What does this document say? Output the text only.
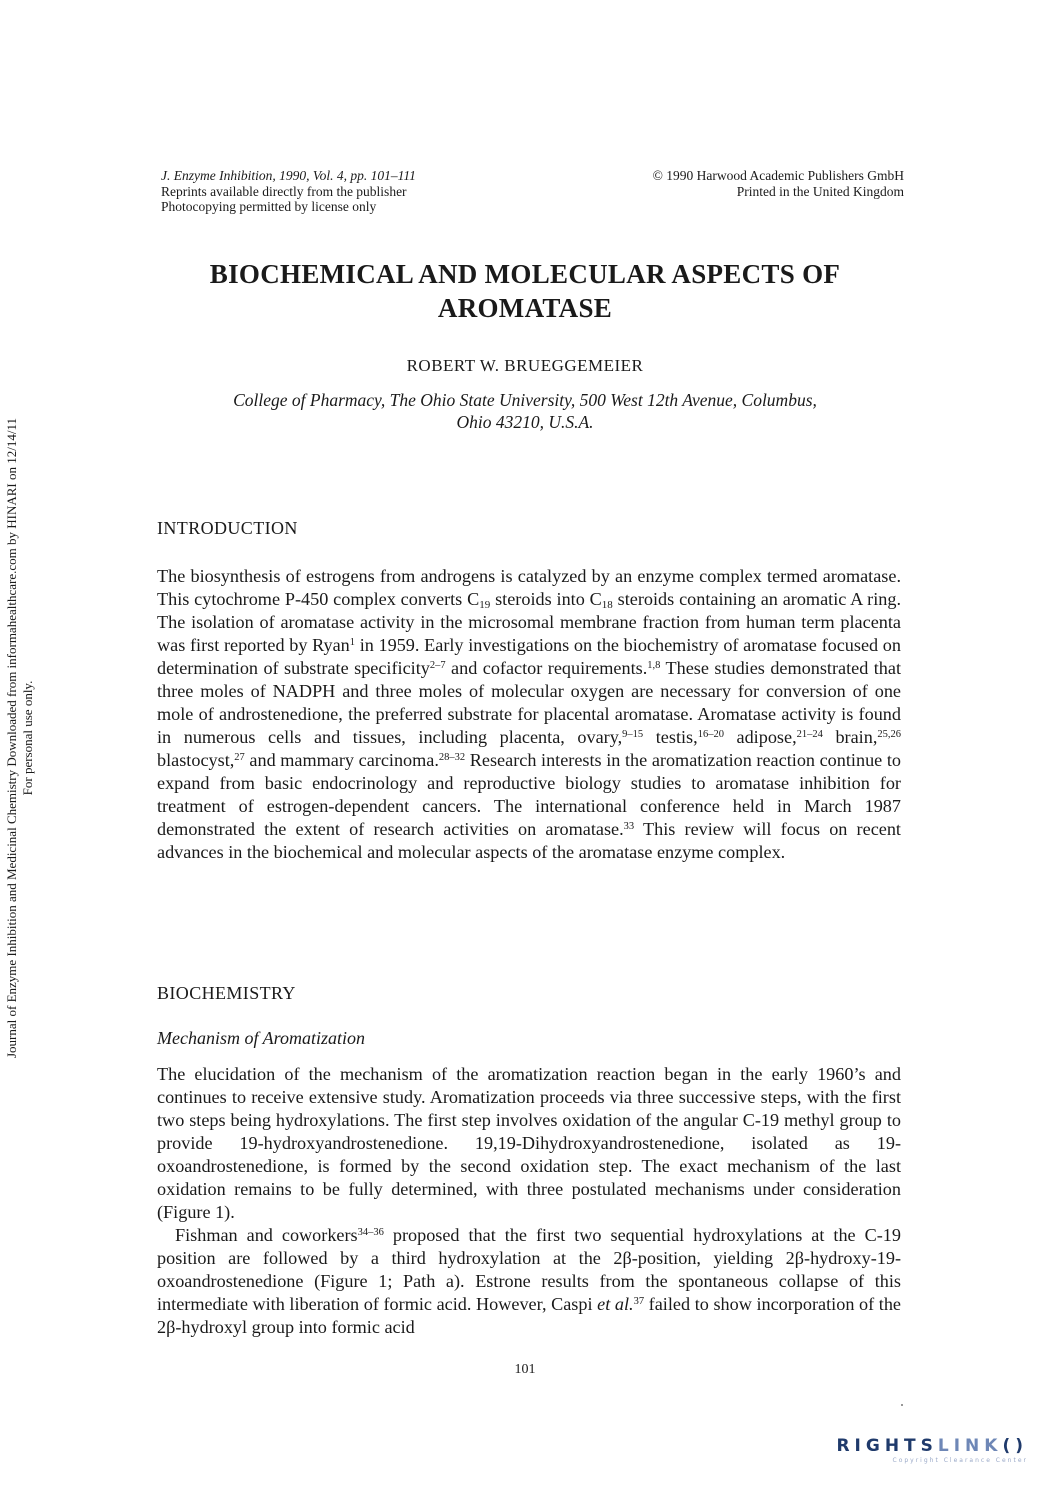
J. Enzyme Inhibition, 1990, Vol. 4, pp. 101–111
Reprints available directly from the publisher
Photocopying permitted by license only
© 1990 Harwood Academic Publishers GmbH
Printed in the United Kingdom
BIOCHEMICAL AND MOLECULAR ASPECTS OF
AROMATASE
ROBERT W. BRUEGGEMEIER
College of Pharmacy, The Ohio State University, 500 West 12th Avenue, Columbus,
Ohio 43210, U.S.A.
INTRODUCTION

The biosynthesis of estrogens from androgens is catalyzed by an enzyme complex termed aromatase. This cytochrome P-450 complex converts $C_{19}$ steroids into $C_{18}$ steroids containing an aromatic A ring. The isolation of aromatase activity in the microsomal membrane fraction from human term placenta was first reported by Ryan$^1$ in 1959. Early investigations on the biochemistry of aromatase focused on determination of substrate specificity$^{2-7}$ and cofactor requirements.$^{1,8}$ These studies demonstrated that three moles of NADPH and three moles of molecular oxygen are necessary for conversion of one mole of androstenedione, the preferred substrate for placental aromatase. Aromatase activity is found in numerous cells and tissues, including placenta, ovary,$^{9-15}$ testis,$^{16-20}$ adipose,$^{21-24}$ brain,$^{25,26}$ blastocyst,$^{27}$ and mammary carcinoma.$^{28-32}$ Research interests in the aromatization reaction continue to expand from basic endocrinology and reproductive biology studies to aromatase inhibition for treatment of estrogen-dependent cancers. The international conference held in March 1987 demonstrated the extent of research activities on aromatase.$^{33}$ This review will focus on recent advances in the biochemical and molecular aspects of the aromatase enzyme complex.

BIOCHEMISTRY
Mechanism of Aromatization

The elucidation of the mechanism of the aromatization reaction began in the early 1960’s and continues to receive extensive study. Aromatization proceeds via three successive steps, with the first two steps being hydroxylations. The first step involves oxidation of the angular C-19 methyl group to provide 19-hydroxyandrostenedione. 19,19-Dihydroxyandrostenedione, isolated as 19-oxoandrostenedione, is formed by the second oxidation step. The exact mechanism of the last oxidation remains to be fully determined, with three postulated mechanisms under consideration (Figure 1).

Fishman and coworkers$^{34-36}$ proposed that the first two sequential hydroxylations at the C-19 position are followed by a third hydroxylation at the 2β-position, yielding 2β-hydroxy-19-oxoandrostenedione (Figure 1; Path a). Estrone results from the spontaneous collapse of this intermediate with liberation of formic acid. However, Caspi et al.$^{37}$ failed to show incorporation of the 2β-hydroxyl group into formic acid

101
Journal of Enzyme Inhibition and Medicinal Chemistry Downloaded from informahealthcare.com by HINARI on 12/14/11 For personal use only.
RIGHTSLINK()
Copyright Clearance Center
